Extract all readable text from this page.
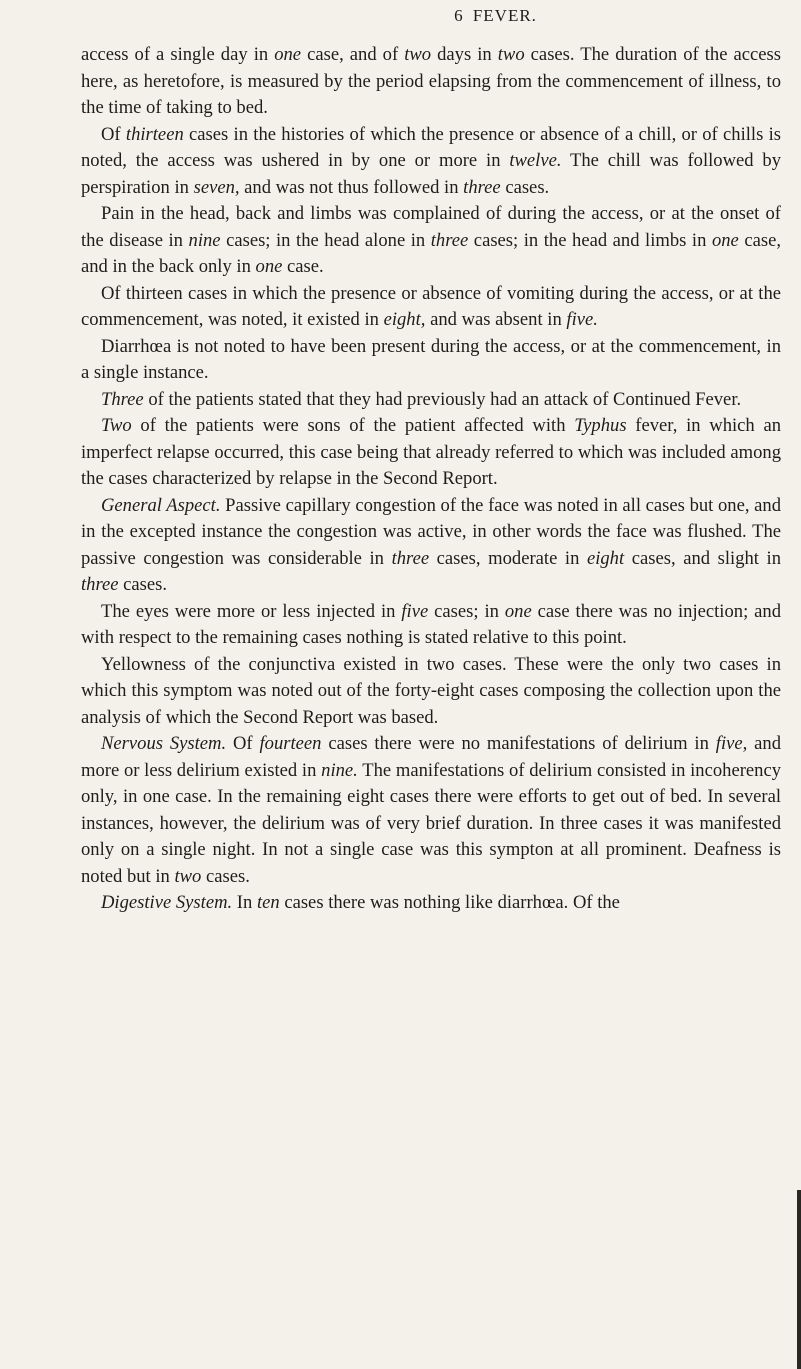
6 FEVER.

access of a single day in one case, and of two days in two cases. The duration of the access here, as heretofore, is measured by the period elapsing from the commencement of illness, to the time of taking to bed.

Of thirteen cases in the histories of which the presence or absence of a chill, or of chills is noted, the access was ushered in by one or more in twelve. The chill was followed by perspiration in seven, and was not thus followed in three cases.

Pain in the head, back and limbs was complained of during the access, or at the onset of the disease in nine cases; in the head alone in three cases; in the head and limbs in one case, and in the back only in one case.

Of thirteen cases in which the presence or absence of vomiting during the access, or at the commencement, was noted, it existed in eight, and was absent in five.

Diarrhœa is not noted to have been present during the access, or at the commencement, in a single instance.

Three of the patients stated that they had previously had an attack of Continued Fever.

Two of the patients were sons of the patient affected with Typhus fever, in which an imperfect relapse occurred, this case being that already referred to which was included among the cases characterized by relapse in the Second Report.

General Aspect. Passive capillary congestion of the face was noted in all cases but one, and in the excepted instance the congestion was active, in other words the face was flushed. The passive congestion was considerable in three cases, moderate in eight cases, and slight in three cases.

The eyes were more or less injected in five cases; in one case there was no injection; and with respect to the remaining cases nothing is stated relative to this point.

Yellowness of the conjunctiva existed in two cases. These were the only two cases in which this symptom was noted out of the forty-eight cases composing the collection upon the analysis of which the Second Report was based.

Nervous System. Of fourteen cases there were no manifestations of delirium in five, and more or less delirium existed in nine. The manifestations of delirium consisted in incoherency only, in one case. In the remaining eight cases there were efforts to get out of bed. In several instances, however, the delirium was of very brief duration. In three cases it was manifested only on a single night. In not a single case was this sympton at all prominent. Deafness is noted but in two cases.

Digestive System. In ten cases there was nothing like diarrhœa. Of the
